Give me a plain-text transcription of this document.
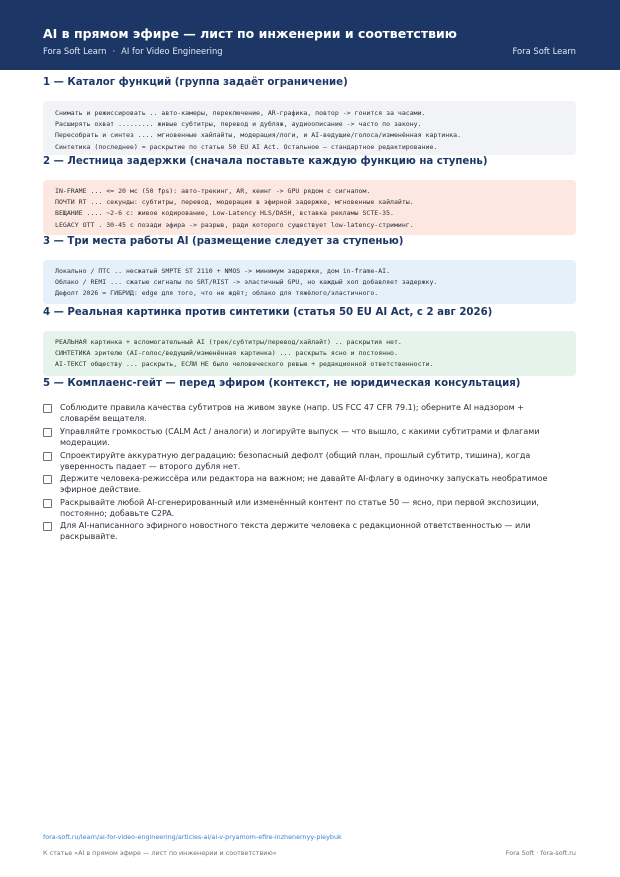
AI в прямом эфире — лист по инженерии и соответствию
Fora Soft Learn · AI for Video Engineering	Fora Soft Learn
1 — Каталог функций (группа задаёт ограничение)
Снимать и режиссировать .. авто-камеры, переключение, AR-графика, повтор -> гонится за часами.
Расширять охват ......... живые субтитры, перевод и дубляж, аудиоописание -> часто по закону.
Пересобрать и синтез .... мгновенные хайлайты, модерация/логи, и AI-ведущие/голоса/изменённая картинка.
Синтетика (последнее) = раскрытие по статье 50 EU AI Act. Остальное — стандартное редактирование.
2 — Лестница задержки (сначала поставьте каждую функцию на ступень)
IN-FRAME ... <= 20 мс (50 fps): авто-трекинг, AR, кеинг -> GPU рядом с сигналом.
ПОЧТИ RT ... секунды: субтитры, перевод, модерация в эфирной задержке, мгновенные хайлайты.
ВЕЩАНИЕ .... ~2-6 с: живое кодирование, Low-Latency HLS/DASH, вставка рекламы SCTE-35.
LEGACY OTT . 30-45 с позади эфира -> разрыв, ради которого существует low-latency-стриминг.
3 — Три места работы AI (размещение следует за ступенью)
Локально / ПТС .. несжатый SMPTE ST 2110 + NMOS -> минимум задержки, дом in-frame-AI.
Облако / REMI ... сжатые сигналы по SRT/RIST -> эластичный GPU, но каждый хоп добавляет задержку.
Дефолт 2026 = ГИБРИД: edge для того, что не ждёт; облако для тяжёлого/эластичного.
4 — Реальная картинка против синтетики (статья 50 EU AI Act, с 2 авг 2026)
РЕАЛЬНАЯ картинка + вспомогательный AI (трек/субтитры/перевод/хайлайт) .. раскрытия нет.
СИНТЕТИКА зрителю (AI-голос/ведущий/изменённая картинка) ... раскрыть ясно и постоянно.
AI-ТЕКСТ обществу ... раскрыть, ЕСЛИ НЕ было человеческого ревью + редакционной ответственности.
5 — Комплаенс-гейт — перед эфиром (контекст, не юридическая консультация)
Соблюдите правила качества субтитров на живом звуке (напр. US FCC 47 CFR 79.1); оберните AI надзором +
словарём вещателя.
Управляйте громкостью (CALM Act / аналоги) и логируйте выпуск — что вышло, с какими субтитрами и флагами
модерации.
Спроектируйте аккуратную деградацию: безопасный дефолт (общий план, прошлый субтитр, тишина), когда
уверенность падает — второго дубля нет.
Держите человека-режиссёра или редактора на важном; не давайте AI-флагу в одиночку запускать необратимое
эфирное действие.
Раскрывайте любой AI-сгенерированный или изменённый контент по статье 50 — ясно, при первой экспозиции,
постоянно; добавьте C2PA.
Для AI-написанного эфирного новостного текста держите человека с редакционной ответственностью — или
раскрывайте.
fora-soft.ru/learn/ai-for-video-engineering/articles-ai/ai-v-pryamom-efire-inzhenernyy-pleybuk
К статье «AI в прямом эфире — лист по инженерии и соответствию»	Fora Soft · fora-soft.ru
